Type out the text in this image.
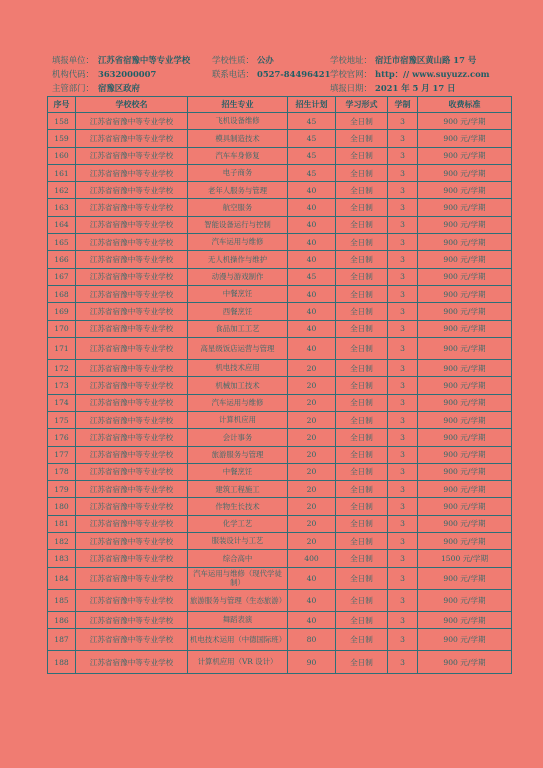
填报单位： 江苏省宿豫中等专业学校	学校性质： 公办	学校地址： 宿迁市宿豫区黄山路 17 号
机构代码： 3632000007	联系电话： 0527-84496421 学校官网： http：// www.suyuzz.com
主管部门： 宿豫区政府	填报日期： 2021 年 5 月 17 日
序号	学校校名	招生专业	招生计划	学习形式	学制	收费标准
158	江苏省宿豫中等专业学校	飞机设备维修	45	全日制	3	900 元/学期
159	江苏省宿豫中等专业学校	模具制造技术	45	全日制	3	900 元/学期
160	江苏省宿豫中等专业学校	汽车车身修复	45	全日制	3	900 元/学期
161	江苏省宿豫中等专业学校	电子商务	45	全日制	3	900 元/学期
162	江苏省宿豫中等专业学校	老年人服务与管理	40	全日制	3	900 元/学期
163	江苏省宿豫中等专业学校	航空服务	40	全日制	3	900 元/学期
164	江苏省宿豫中等专业学校	智能设备运行与控制	40	全日制	3	900 元/学期
165	江苏省宿豫中等专业学校	汽车运用与维修	40	全日制	3	900 元/学期
166	江苏省宿豫中等专业学校	无人机操作与维护	40	全日制	3	900 元/学期
167	江苏省宿豫中等专业学校	动漫与游戏制作	45	全日制	3	900 元/学期
168	江苏省宿豫中等专业学校	中餐烹饪	40	全日制	3	900 元/学期
169	江苏省宿豫中等专业学校	西餐烹饪	40	全日制	3	900 元/学期
170	江苏省宿豫中等专业学校	食品加工工艺	40	全日制	3	900 元/学期
171	江苏省宿豫中等专业学校	高星级饭店运营与管理	40	全日制	3	900 元/学期
172	江苏省宿豫中等专业学校	机电技术应用	20	全日制	3	900 元/学期
173	江苏省宿豫中等专业学校	机械加工技术	20	全日制	3	900 元/学期
174	江苏省宿豫中等专业学校	汽车运用与维修	20	全日制	3	900 元/学期
175	江苏省宿豫中等专业学校	计算机应用	20	全日制	3	900 元/学期
176	江苏省宿豫中等专业学校	会计事务	20	全日制	3	900 元/学期
177	江苏省宿豫中等专业学校	旅游服务与管理	20	全日制	3	900 元/学期
178	江苏省宿豫中等专业学校	中餐烹饪	20	全日制	3	900 元/学期
179	江苏省宿豫中等专业学校	建筑工程施工	20	全日制	3	900 元/学期
180	江苏省宿豫中等专业学校	作物生长技术	20	全日制	3	900 元/学期
181	江苏省宿豫中等专业学校	化学工艺	20	全日制	3	900 元/学期
182	江苏省宿豫中等专业学校	服装设计与工艺	20	全日制	3	900 元/学期
183	江苏省宿豫中等专业学校	综合高中	400	全日制	3	1500 元/学期
184	江苏省宿豫中等专业学校	汽车运用与维修（现代学徒制）	40	全日制	3	900 元/学期
185	江苏省宿豫中等专业学校	旅游服务与管理（生态旅游）	40	全日制	3	900 元/学期
186	江苏省宿豫中等专业学校	舞蹈表演	40	全日制	3	900 元/学期
187	江苏省宿豫中等专业学校	机电技术运用（中德国际班）	80	全日制	3	900 元/学期
188	江苏省宿豫中等专业学校	计算机应用（VR 设计）	90	全日制	3	900 元/学期
